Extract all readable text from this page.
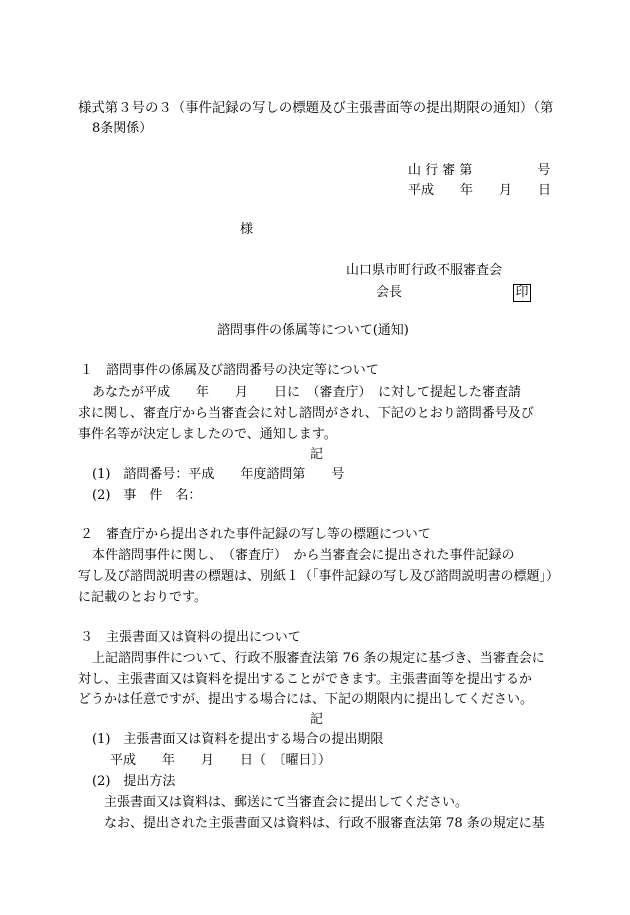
様式第３号の３（事件記録の写しの標題及び主張書面等の提出期限の通知）（第
8条関係）
山 行 審 第　　　　　号
平成　　年　　月　　日
様
山口県市町行政不服審査会
会長	印
諮問事件の係属等について(通知)
１　諮問事件の係属及び諮問番号の決定等について
あなたが平成　　年　　月　　日に　（審査庁）　に対して提起した審査請
求に関し、審査庁から当審査会に対し諮問がされ、下記のとおり諮問番号及び
事件名等が決定しましたので、通知します。
記
(1)　諮問番号：平成　　年度諮問第　　号
(2)　事　件　名：
２　審査庁から提出された事件記録の写し等の標題について
本件諮問事件に関し、　（審査庁）　から当審査会に提出された事件記録の
写し及び諮問説明書の標題は、別紙１（「事件記録の写し及び諮問説明書の標題」）
に記載のとおりです。
３　主張書面又は資料の提出について
上記諮問事件について、行政不服審査法第 76 条の規定に基づき、当審査会に
対し、主張書面又は資料を提出することができます。主張書面等を提出するか
どうかは任意ですが、提出する場合には、下記の期限内に提出してください。
記
(1)　主張書面又は資料を提出する場合の提出期限
平成　　年　　月　　日（　〔曜日〕）
(2)　提出方法
主張書面又は資料は、郵送にて当審査会に提出してください。
なお、提出された主張書面又は資料は、行政不服審査法第 78 条の規定に基
